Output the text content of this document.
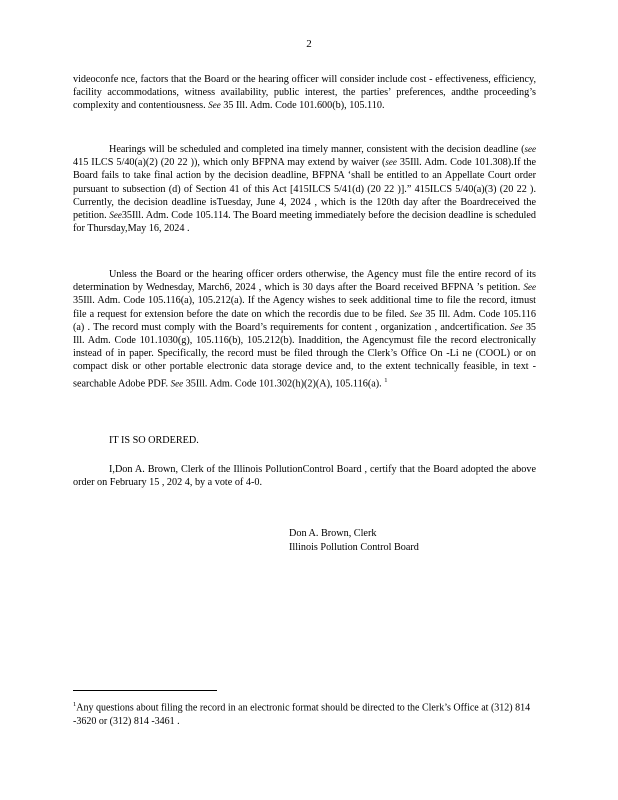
2

videoconfe nce, factors that the Board or the hearing officer will consider include cost - effectiveness, efficiency, facility accommodations, witness availability, public interest, the parties’ preferences, andthe proceeding’s complexity and contentiousness. See 35 Ill. Adm. Code 101.600(b), 105.110.

Hearings will be scheduled and completed ina timely manner, consistent with the decision deadline (see 415 ILCS 5/40(a)(2) (20 22 )), which only BFPNA may extend by waiver (see 35Ill. Adm. Code 101.308).If the Board fails to take final action by the decision deadline, BFPNA ‘shall be entitled to an Appellate Court order pursuant to subsection (d) of Section 41 of this Act [415ILCS 5/41(d) (20 22 )].” 415ILCS 5/40(a)(3) (20 22 ). Currently, the decision deadline isTuesday, June 4, 2024 , which is the 120th day after the Boardreceived the petition. See35Ill. Adm. Code 105.114. The Board meeting immediately before the decision deadline is scheduled for Thursday,May 16, 2024 .

Unless the Board or the hearing officer orders otherwise, the Agency must file the entire record of its determination by Wednesday, March6, 2024 , which is 30 days after the Board received BFPNA ’s petition. See 35Ill. Adm. Code 105.116(a), 105.212(a). If the Agency wishes to seek additional time to file the record, itmust file a request for extension before the date on which the recordis due to be filed. See 35 Ill. Adm. Code 105.116 (a) . The record must comply with the Board’s requirements for content , organization , andcertification. See 35 Ill. Adm. Code 101.1030(g), 105.116(b), 105.212(b). Inaddition, the Agencymust file the record electronically instead of in paper. Specifically, the record must be filed through the Clerk’s Office On -Li ne (COOL) or on compact disk or other portable electronic data storage device and, to the extent technically feasible, in text -searchable Adobe PDF. See 35Ill. Adm. Code 101.302(h)(2)(A), 105.116(a). $^1$

IT IS SO ORDERED.

I,Don A. Brown, Clerk of the Illinois PollutionControl Board , certify that the Board adopted the above order on February 15 , 202 4, by a vote of 4-0.

Don A. Brown, Clerk
Illinois Pollution Control Board

$^1$Any questions about filing the record in an electronic format should be directed to the Clerk’s Office at (312) 814 -3620 or (312) 814 -3461 .
